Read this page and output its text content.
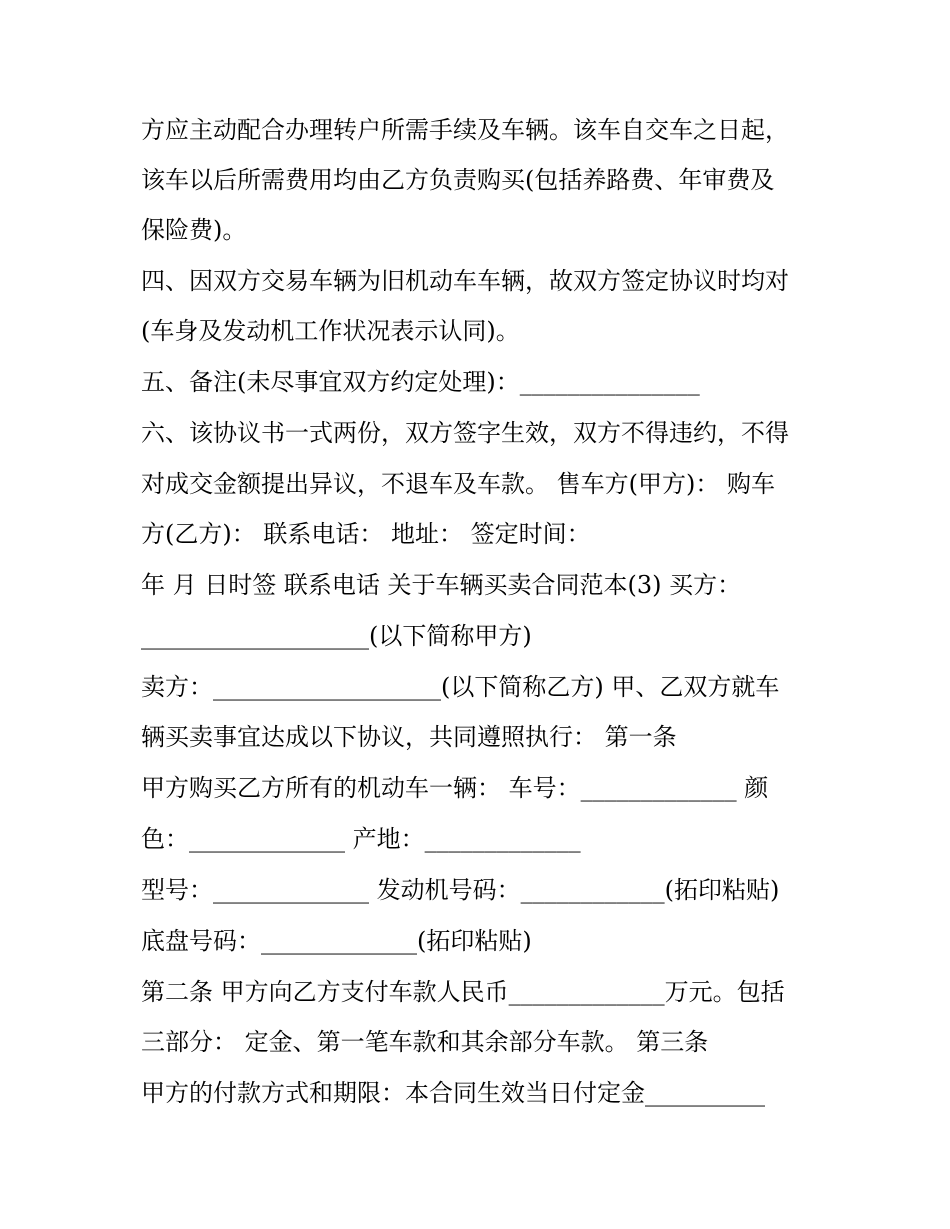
方应主动配合办理转户所需手续及车辆。该车自交车之日起，
该车以后所需费用均由乙方负责购买(包括养路费、年审费及
保险费)。
四、因双方交易车辆为旧机动车车辆，故双方签定协议时均对
(车身及发动机工作状况表示认同)。
五、备注(未尽事宜双方约定处理)：_______________
六、该协议书一式两份，双方签字生效，双方不得违约，不得
对成交金额提出异议，不退车及车款。 售车方(甲方)： 购车
方(乙方)： 联系电话： 地址： 签定时间：
年 月 日时签 联系电话 关于车辆买卖合同范本(3) 买方：
___________________(以下简称甲方)
卖方：___________________(以下简称乙方) 甲、乙双方就车
辆买卖事宜达成以下协议，共同遵照执行： 第一条
甲方购买乙方所有的机动车一辆： 车号：_____________ 颜
色：_____________ 产地：_____________
型号：_____________ 发动机号码：____________(拓印粘贴)
底盘号码：_____________(拓印粘贴)
第二条 甲方向乙方支付车款人民币_____________万元。包括
三部分： 定金、第一笔车款和其余部分车款。 第三条
甲方的付款方式和期限：本合同生效当日付定金__________
